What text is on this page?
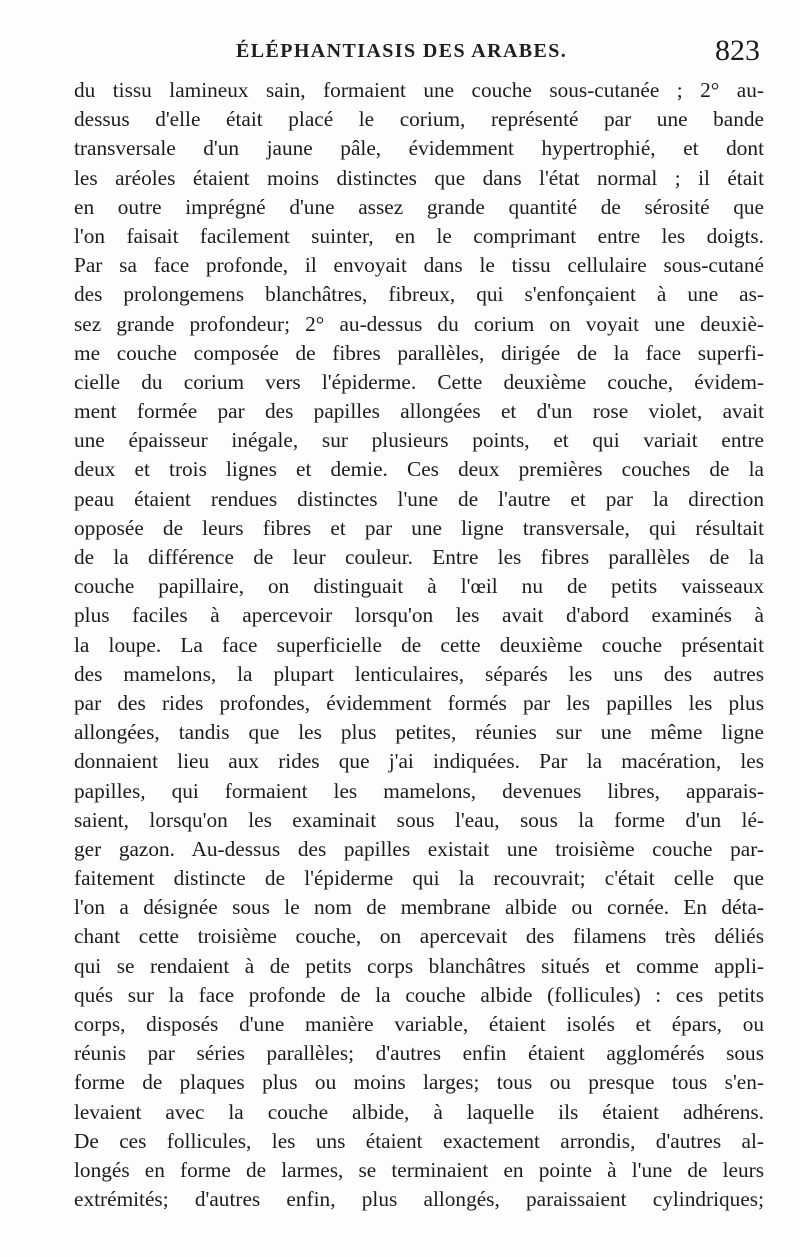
ÉLÉPHANTIASIS DES ARABES.	823
du tissu lamineux sain, formaient une couche sous-cutanée ; 2° au-
dessus d'elle était placé le corium, représenté par une bande
transversale d'un jaune pâle, évidemment hypertrophié, et dont
les aréoles étaient moins distinctes que dans l'état normal ; il était
en outre imprégné d'une assez grande quantité de sérosité que
l'on faisait facilement suinter, en le comprimant entre les doigts.
Par sa face profonde, il envoyait dans le tissu cellulaire sous-cutané
des prolongemens blanchâtres, fibreux, qui s'enfonçaient à une as-
sez grande profondeur; 2° au-dessus du corium on voyait une deuxiè-
me couche composée de fibres parallèles, dirigée de la face superfi-
cielle du corium vers l'épiderme. Cette deuxième couche, évidem-
ment formée par des papilles allongées et d'un rose violet, avait
une épaisseur inégale, sur plusieurs points, et qui variait entre
deux et trois lignes et demie. Ces deux premières couches de la
peau étaient rendues distinctes l'une de l'autre et par la direction
opposée de leurs fibres et par une ligne transversale, qui résultait
de la différence de leur couleur. Entre les fibres parallèles de la
couche papillaire, on distinguait à l'œil nu de petits vaisseaux
plus faciles à apercevoir lorsqu'on les avait d'abord examinés à
la loupe. La face superficielle de cette deuxième couche présentait
des mamelons, la plupart lenticulaires, séparés les uns des autres
par des rides profondes, évidemment formés par les papilles les plus
allongées, tandis que les plus petites, réunies sur une même ligne
donnaient lieu aux rides que j'ai indiquées. Par la macération, les
papilles, qui formaient les mamelons, devenues libres, apparais-
saient, lorsqu'on les examinait sous l'eau, sous la forme d'un lé-
ger gazon. Au-dessus des papilles existait une troisième couche par-
faitement distincte de l'épiderme qui la recouvrait; c'était celle que
l'on a désignée sous le nom de membrane albide ou cornée. En déta-
chant cette troisième couche, on apercevait des filamens très déliés
qui se rendaient à de petits corps blanchâtres situés et comme appli-
qués sur la face profonde de la couche albide (follicules) : ces petits
corps, disposés d'une manière variable, étaient isolés et épars, ou
réunis par séries parallèles; d'autres enfin étaient agglomérés sous
forme de plaques plus ou moins larges; tous ou presque tous s'en-
levaient avec la couche albide, à laquelle ils étaient adhérens.
De ces follicules, les uns étaient exactement arrondis, d'autres al-
longés en forme de larmes, se terminaient en pointe à l'une de leurs
extrémités; d'autres enfin, plus allongés, paraissaient cylindriques;
